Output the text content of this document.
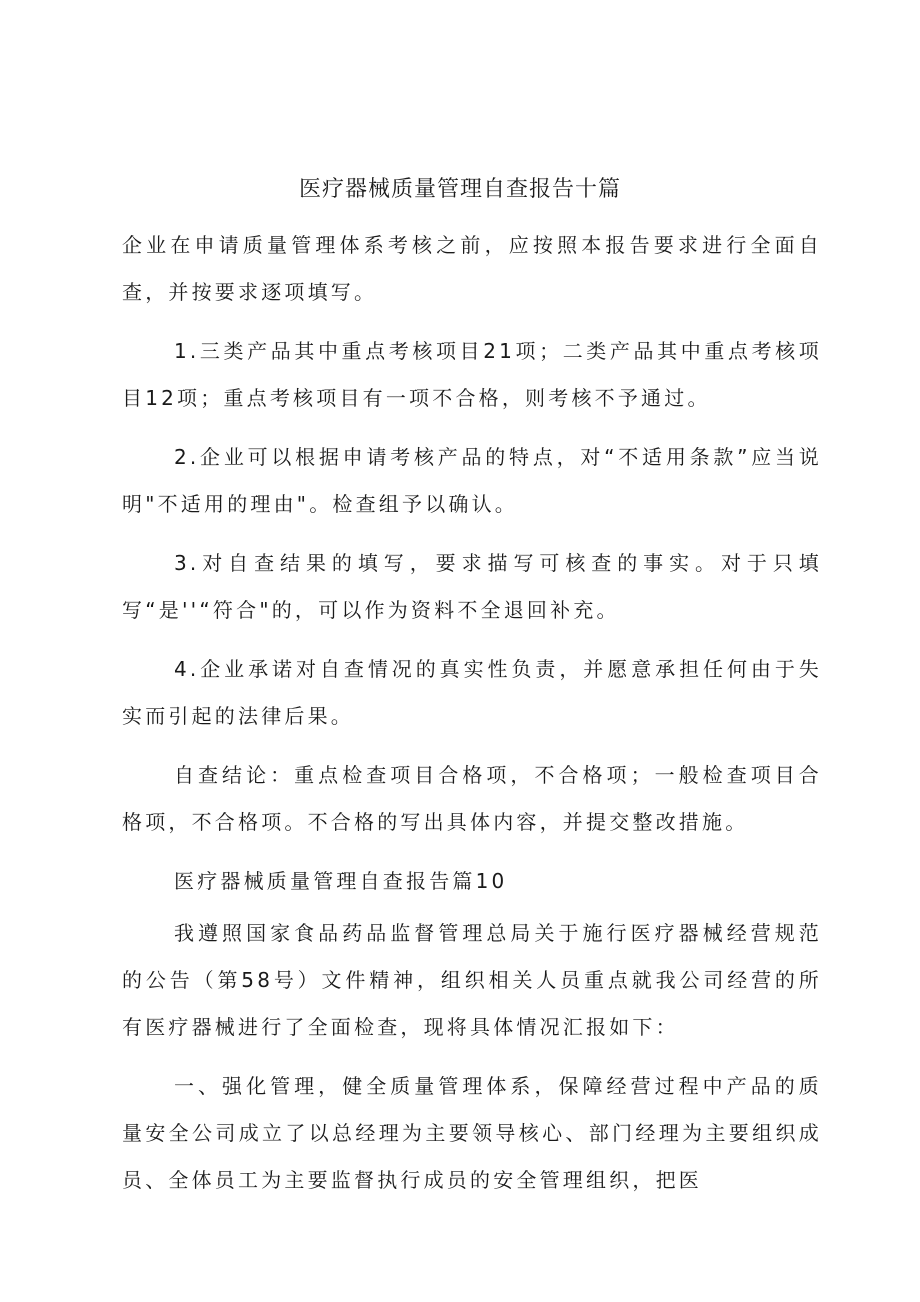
医疗器械质量管理自查报告十篇

企业在申请质量管理体系考核之前，应按照本报告要求进行全面自查，并按要求逐项填写。

1.三类产品其中重点考核项目21项；二类产品其中重点考核项目12项；重点考核项目有一项不合格，则考核不予通过。

2.企业可以根据申请考核产品的特点，对“不适用条款”应当说明"不适用的理由"。检查组予以确认。

3.对自查结果的填写，要求描写可核查的事实。对于只填写“是''“符合"的，可以作为资料不全退回补充。

4.企业承诺对自查情况的真实性负责，并愿意承担任何由于失实而引起的法律后果。

自查结论：重点检查项目合格项，不合格项；一般检查项目合格项，不合格项。不合格的写出具体内容，并提交整改措施。

医疗器械质量管理自查报告篇10

我遵照国家食品药品监督管理总局关于施行医疗器械经营规范的公告（第58号）文件精神，组织相关人员重点就我公司经营的所有医疗器械进行了全面检查，现将具体情况汇报如下：

一、强化管理，健全质量管理体系，保障经营过程中产品的质量安全公司成立了以总经理为主要领导核心、部门经理为主要组织成员、全体员工为主要监督执行成员的安全管理组织，把医
